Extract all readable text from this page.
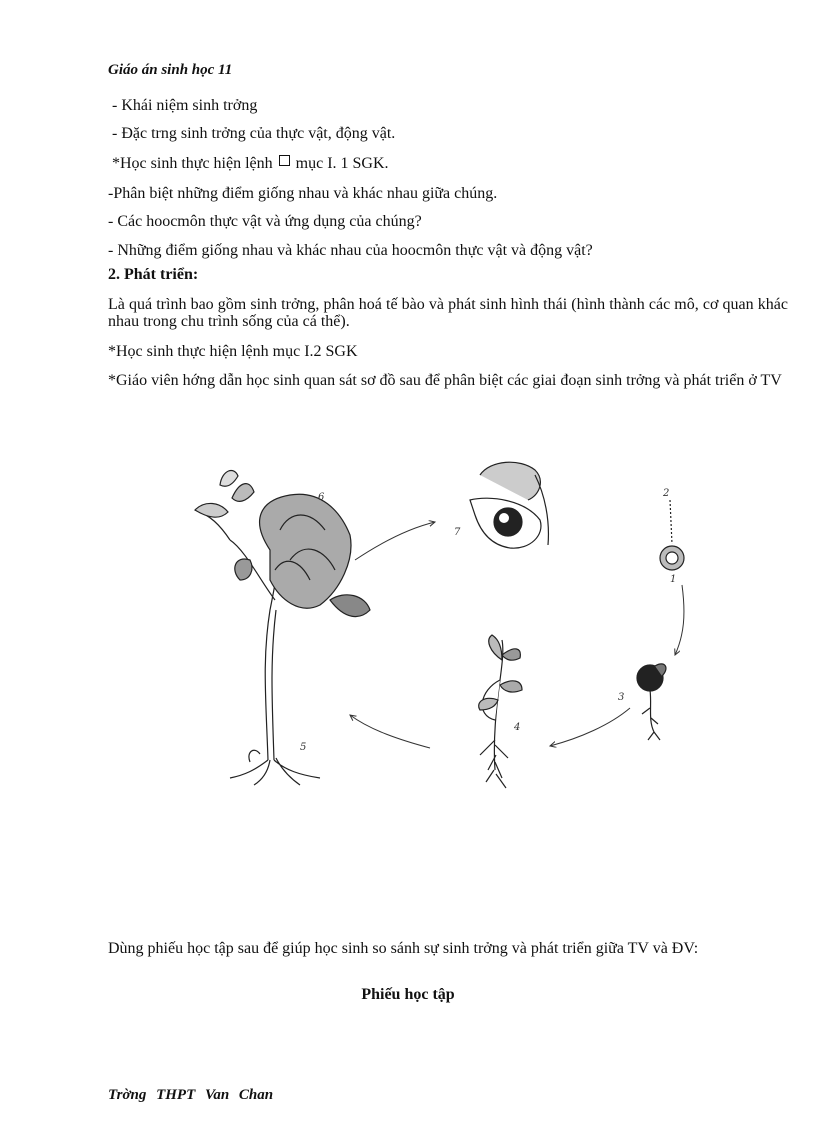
Giáo án sinh học 11
- Khái niệm sinh trởng
- Đặc trng sinh trởng của thực vật, động vật.
*Học sinh thực hiện lệnh mục I. 1 SGK.
-Phân biệt những điểm giống nhau và khác nhau giữa chúng.
- Các hoocmôn thực vật và ứng dụng của chúng?
- Những điểm giống nhau và khác nhau của hoocmôn thực vật và động vật?
2. Phát triển:
Là quá trình bao gồm sinh trởng, phân hoá tế bào và phát sinh hình thái (hình thành các mô, cơ quan khác nhau trong chu trình sống của cá thể).
*Học sinh thực hiện lệnh mục I.2 SGK
*Giáo viên hớng dẫn học sinh quan sát sơ đồ sau để phân biệt các giai đoạn sinh trởng và phát triển ở TV
6
5
7
2
1
3
4
Dùng phiếu học tập sau để giúp học sinh so sánh sự sinh trởng và phát triển giữa TV và ĐV:
Phiếu học tập
Trờng THPT Van Chan
